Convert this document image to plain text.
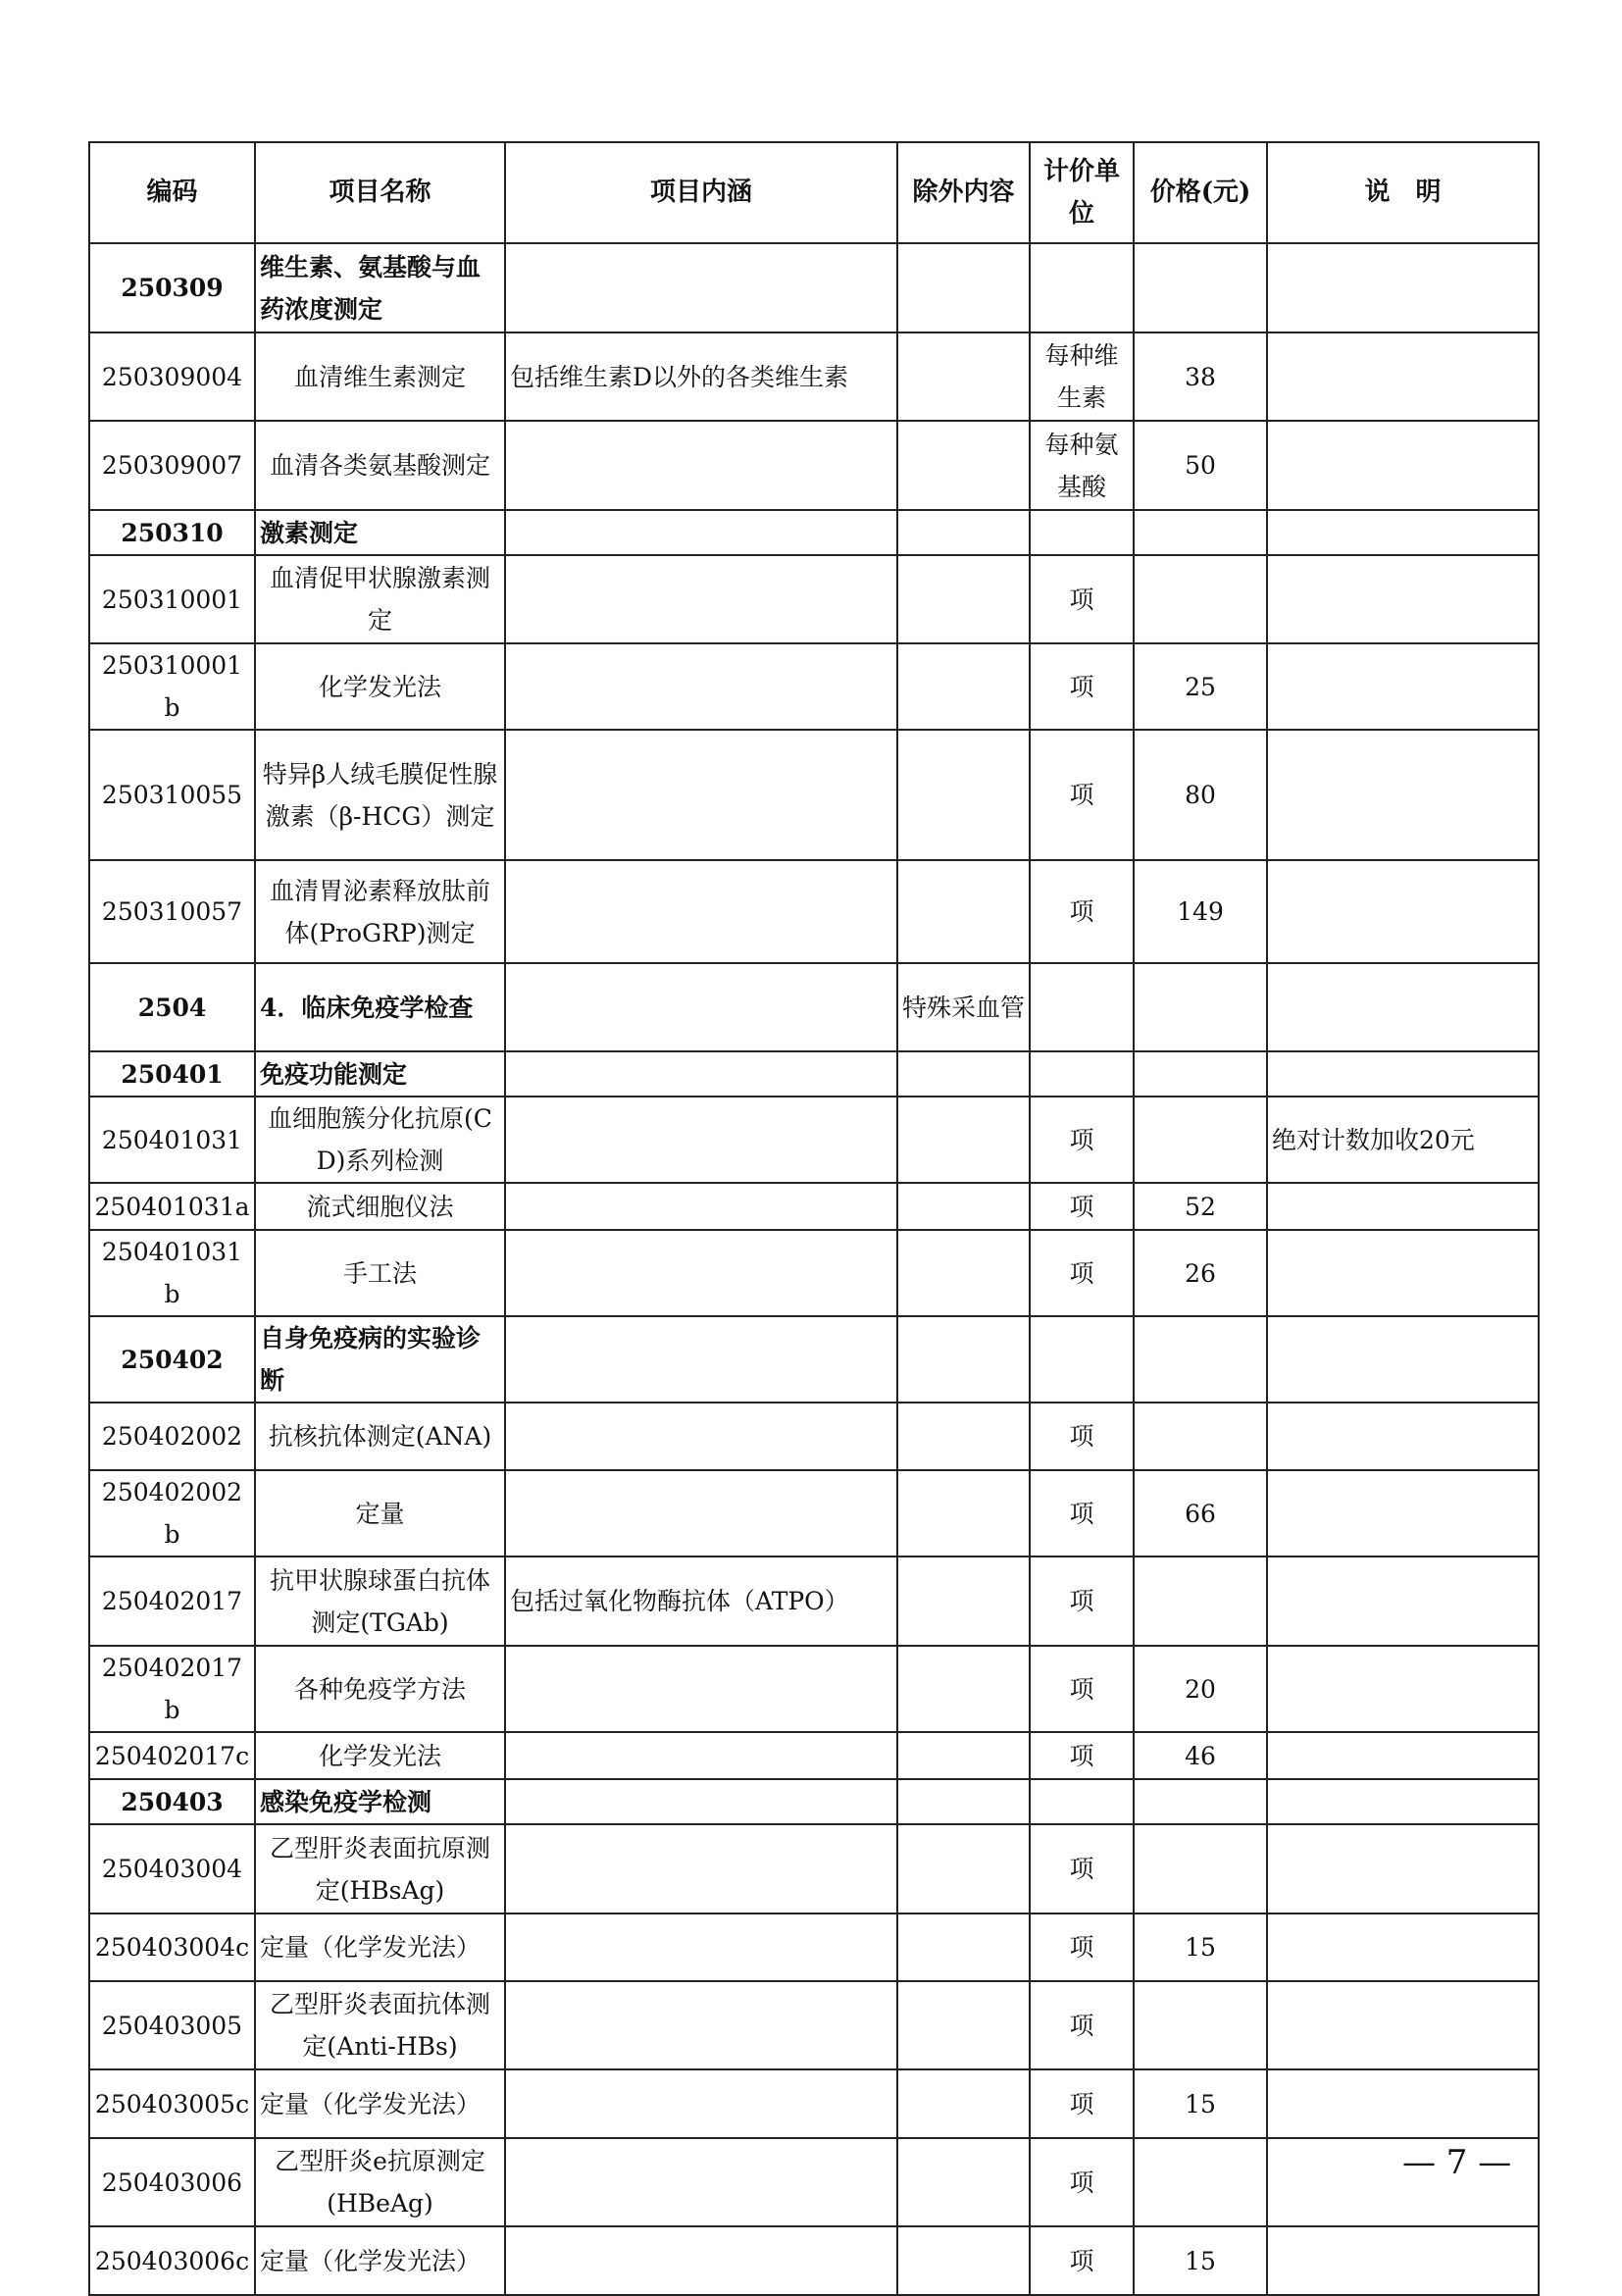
编码	项目名称	项目内涵	除外内容	计价单位	价格(元)	说　明
250309	维生素、氨基酸与血药浓度测定					
250309004	血清维生素测定	包括维生素D以外的各类维生素		每种维生素	38	
250309007	血清各类氨基酸测定			每种氨基酸	50	
250310	激素测定					
250310001	血清促甲状腺激素测定			项		
250310001b	化学发光法			项	25	
250310055	特异β人绒毛膜促性腺激素（β-HCG）测定			项	80	
250310057	血清胃泌素释放肽前体(ProGRP)测定			项	149	
2504	4．临床免疫学检查		特殊采血管			
250401	免疫功能测定					
250401031	血细胞簇分化抗原(CD)系列检测			项		绝对计数加收20元
250401031a	流式细胞仪法			项	52	
250401031b	手工法			项	26	
250402	自身免疫病的实验诊断					
250402002	抗核抗体测定(ANA)			项		
250402002b	定量			项	66	
250402017	抗甲状腺球蛋白抗体测定(TGAb)	包括过氧化物酶抗体（ATPO）		项		
250402017b	各种免疫学方法			项	20	
250402017c	化学发光法			项	46	
250403	感染免疫学检测					
250403004	乙型肝炎表面抗原测定(HBsAg)			项		
250403004c	定量（化学发光法）			项	15	
250403005	乙型肝炎表面抗体测定(Anti-HBs)			项		
250403005c	定量（化学发光法）			项	15	
250403006	乙型肝炎e抗原测定(HBeAg)			项		
250403006c	定量（化学发光法）			项	15	
— 7 —
